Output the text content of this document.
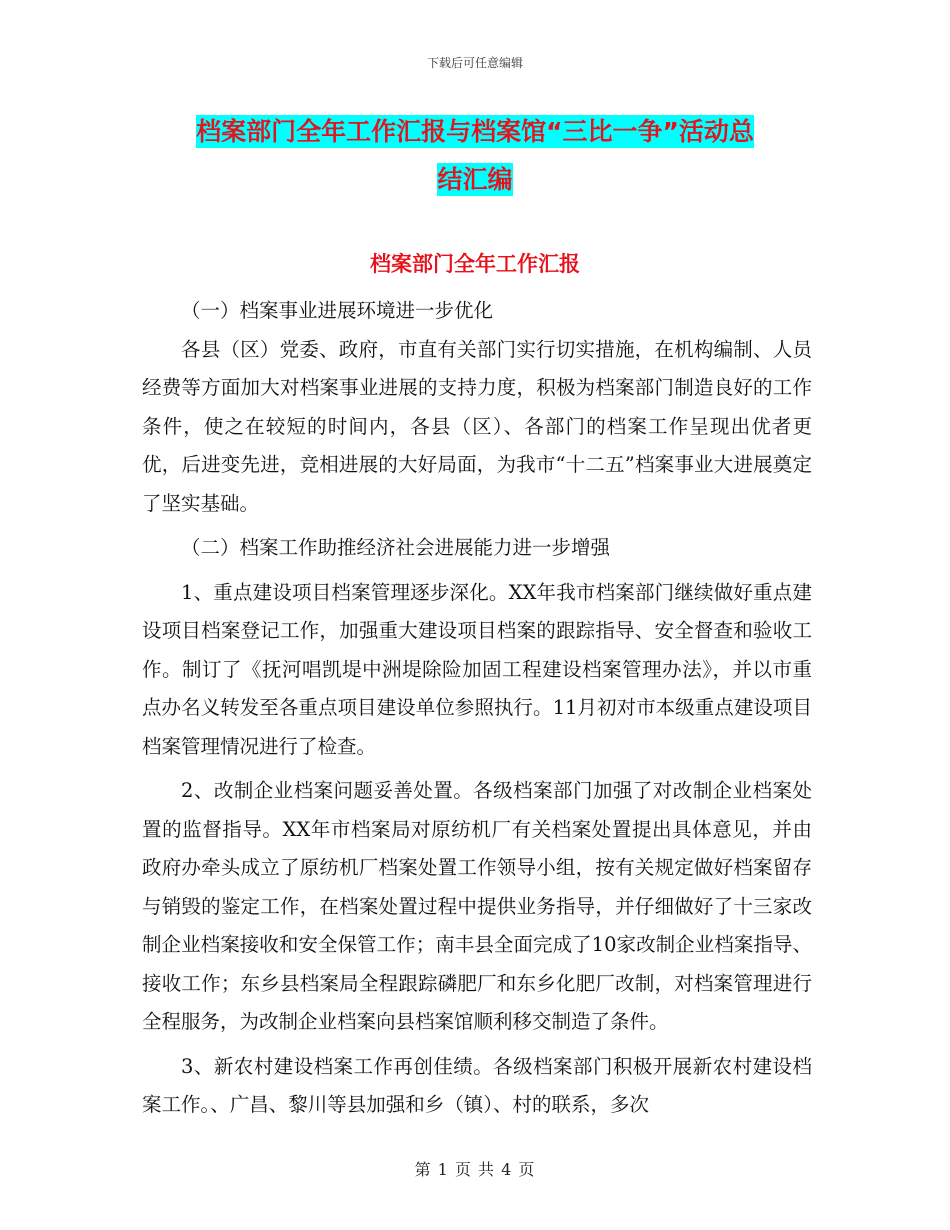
下载后可任意编辑
档案部门全年工作汇报与档案馆“三比一争”活动总
结汇编
档案部门全年工作汇报

（一）档案事业进展环境进一步优化

各县（区）党委、政府，市直有关部门实行切实措施，在机构编制、人员经费等方面加大对档案事业进展的支持力度，积极为档案部门制造良好的工作条件，使之在较短的时间内，各县（区）、各部门的档案工作呈现出优者更优，后进变先进，竞相进展的大好局面，为我市“十二五”档案事业大进展奠定了坚实基础。

（二）档案工作助推经济社会进展能力进一步增强

1、重点建设项目档案管理逐步深化。XX年我市档案部门继续做好重点建设项目档案登记工作，加强重大建设项目档案的跟踪指导、安全督查和验收工作。制订了《抚河唱凯堤中洲堤除险加固工程建设档案管理办法》，并以市重点办名义转发至各重点项目建设单位参照执行。11月初对市本级重点建设项目档案管理情况进行了检查。

2、改制企业档案问题妥善处置。各级档案部门加强了对改制企业档案处置的监督指导。XX年市档案局对原纺机厂有关档案处置提出具体意见，并由政府办牵头成立了原纺机厂档案处置工作领导小组，按有关规定做好档案留存与销毁的鉴定工作，在档案处置过程中提供业务指导，并仔细做好了十三家改制企业档案接收和安全保管工作；南丰县全面完成了10家改制企业档案指导、接收工作；东乡县档案局全程跟踪磷肥厂和东乡化肥厂改制，对档案管理进行全程服务，为改制企业档案向县档案馆顺利移交制造了条件。

3、新农村建设档案工作再创佳绩。各级档案部门积极开展新农村建设档案工作。、广昌、黎川等县加强和乡（镇）、村的联系，多次

第 1 页 共 4 页
